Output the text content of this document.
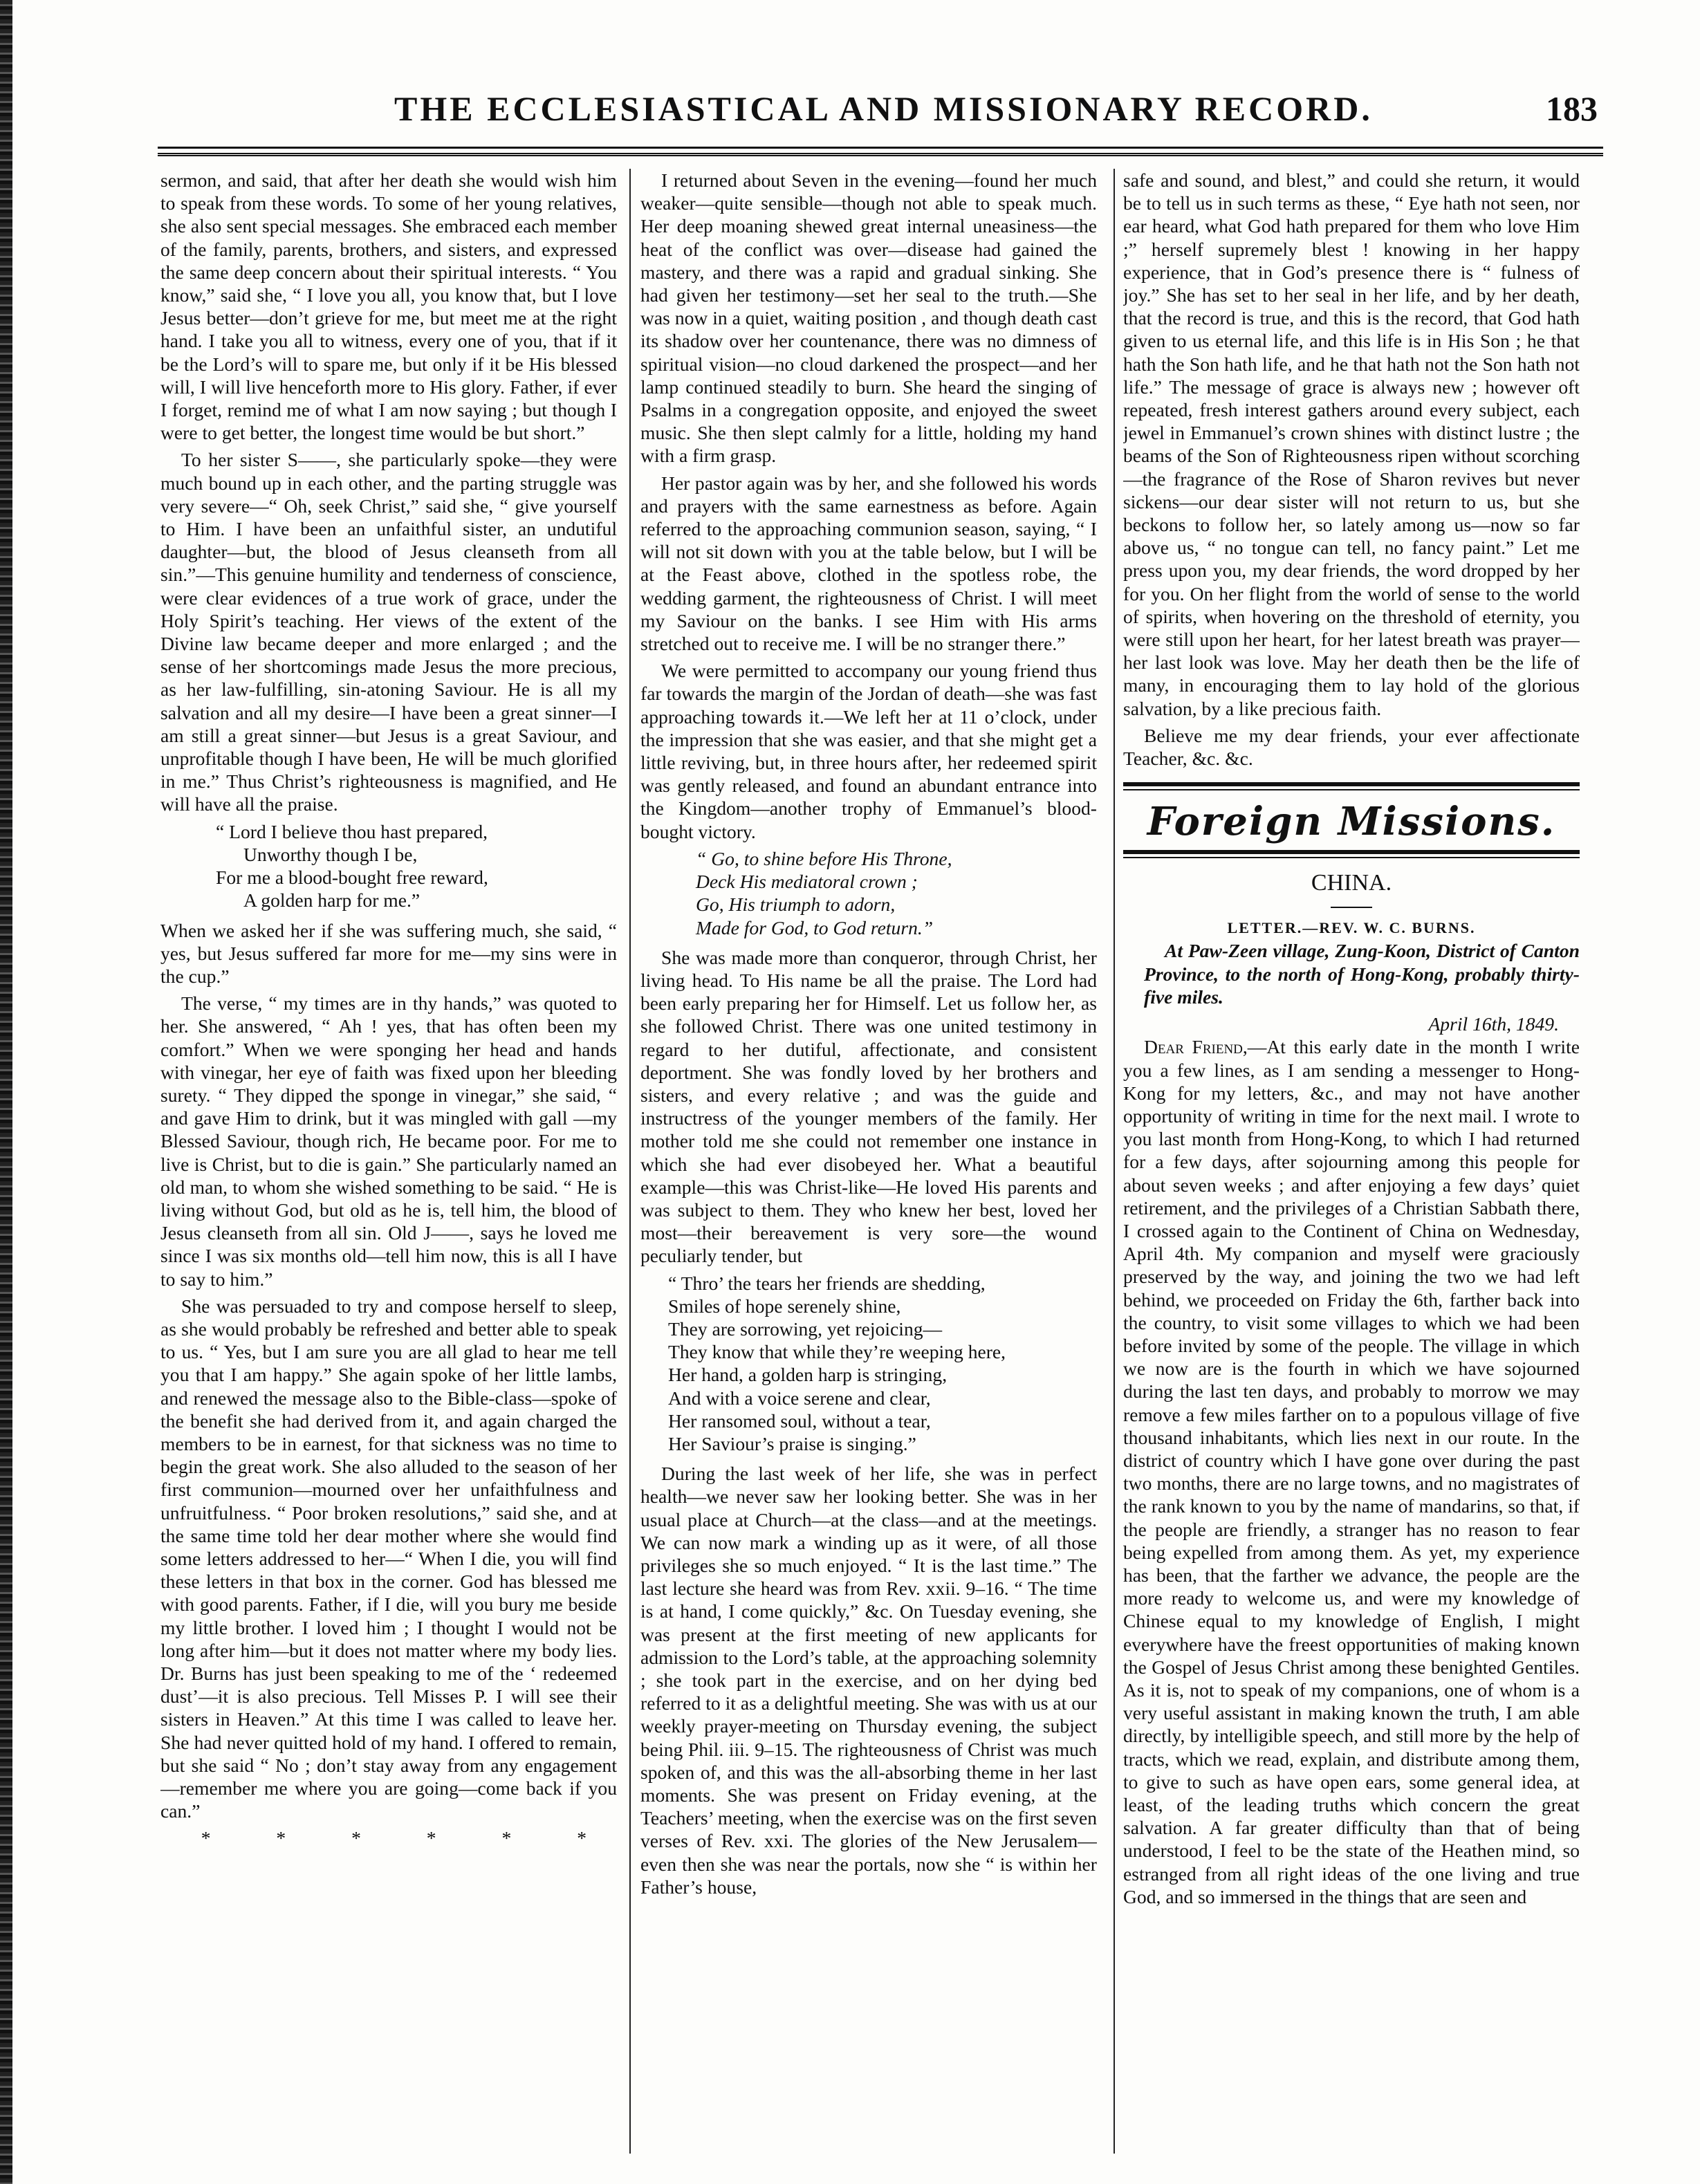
THE ECCLESIASTICAL AND MISSIONARY RECORD.	183

sermon, and said, that after her death she would wish him to speak from these words. To some of her young relatives, she also sent special messages. She embraced each member of the family, parents, brothers, and sisters, and expressed the same deep concern about their spiritual interests. “ You know,” said she, “ I love you all, you know that, but I love Jesus better—don’t grieve for me, but meet me at the right hand. I take you all to witness, every one of you, that if it be the Lord’s will to spare me, but only if it be His blessed will, I will live henceforth more to His glory. Father, if ever I forget, remind me of what I am now saying ; but though I were to get better, the longest time would be but short.”

To her sister S——, she particularly spoke—they were much bound up in each other, and the parting struggle was very severe—“ Oh, seek Christ,” said she, “ give yourself to Him. I have been an unfaithful sister, an undutiful daughter—but, the blood of Jesus cleanseth from all sin.”—This genuine humility and tenderness of conscience, were clear evidences of a true work of grace, under the Holy Spirit’s teaching. Her views of the extent of the Divine law became deeper and more enlarged ; and the sense of her shortcomings made Jesus the more precious, as her law-fulfilling, sin-atoning Saviour. He is all my salvation and all my desire—I have been a great sinner—I am still a great sinner—but Jesus is a great Saviour, and unprofitable though I have been, He will be much glorified in me.” Thus Christ’s righteousness is magnified, and He will have all the praise.

“ Lord I believe thou hast prepared,
Unworthy though I be,
For me a blood-bought free reward,
A golden harp for me.”

When we asked her if she was suffering much, she said, “ yes, but Jesus suffered far more for me—my sins were in the cup.”

The verse, “ my times are in thy hands,” was quoted to her. She answered, “ Ah ! yes, that has often been my comfort.” When we were sponging her head and hands with vinegar, her eye of faith was fixed upon her bleeding surety. “ They dipped the sponge in vinegar,” she said, “ and gave Him to drink, but it was mingled with gall —my Blessed Saviour, though rich, He became poor. For me to live is Christ, but to die is gain.” She particularly named an old man, to whom she wished something to be said. “ He is living without God, but old as he is, tell him, the blood of Jesus cleanseth from all sin. Old J——, says he loved me since I was six months old—tell him now, this is all I have to say to him.”

She was persuaded to try and compose herself to sleep, as she would probably be refreshed and better able to speak to us. “ Yes, but I am sure you are all glad to hear me tell you that I am happy.” She again spoke of her little lambs, and renewed the message also to the Bible-class—spoke of the benefit she had derived from it, and again charged the members to be in earnest, for that sickness was no time to begin the great work. She also alluded to the season of her first communion—mourned over her unfaithfulness and unfruitfulness. “ Poor broken resolutions,” said she, and at the same time told her dear mother where she would find some letters addressed to her—“ When I die, you will find these letters in that box in the corner. God has blessed me with good parents. Father, if I die, will you bury me beside my little brother. I loved him ; I thought I would not be long after him—but it does not matter where my body lies. Dr. Burns has just been speaking to me of the ‘ redeemed dust’—it is also precious. Tell Misses P. I will see their sisters in Heaven.” At this time I was called to leave her. She had never quitted hold of my hand. I offered to remain, but she said “ No ; don’t stay away from any engagement—remember me where you are going—come back if you can.”

* * * * * *

I returned about Seven in the evening—found her much weaker—quite sensible—though not able to speak much. Her deep moaning shewed great internal uneasiness—the heat of the conflict was over—disease had gained the mastery, and there was a rapid and gradual sinking. She had given her testimony—set her seal to the truth.—She was now in a quiet, waiting position , and though death cast its shadow over her countenance, there was no dimness of spiritual vision—no cloud darkened the prospect—and her lamp continued steadily to burn. She heard the singing of Psalms in a congregation opposite, and enjoyed the sweet music. She then slept calmly for a little, holding my hand with a firm grasp.

Her pastor again was by her, and she followed his words and prayers with the same earnestness as before. Again referred to the approaching communion season, saying, “ I will not sit down with you at the table below, but I will be at the Feast above, clothed in the spotless robe, the wedding garment, the righteousness of Christ. I will meet my Saviour on the banks. I see Him with His arms stretched out to receive me. I will be no stranger there.”

We were permitted to accompany our young friend thus far towards the margin of the Jordan of death—she was fast approaching towards it.—We left her at 11 o’clock, under the impression that she was easier, and that she might get a little reviving, but, in three hours after, her redeemed spirit was gently released, and found an abundant entrance into the Kingdom—another trophy of Emmanuel’s blood-bought victory.

“ Go, to shine before His Throne,
Deck His mediatoral crown ;
Go, His triumph to adorn,
Made for God, to God return.”

She was made more than conqueror, through Christ, her living head. To His name be all the praise. The Lord had been early preparing her for Himself. Let us follow her, as she followed Christ. There was one united testimony in regard to her dutiful, affectionate, and consistent deportment. She was fondly loved by her brothers and sisters, and every relative ; and was the guide and instructress of the younger members of the family. Her mother told me she could not remember one instance in which she had ever disobeyed her. What a beautiful example—this was Christ-like—He loved His parents and was subject to them. They who knew her best, loved her most—their bereavement is very sore—the wound peculiarly tender, but

“ Thro’ the tears her friends are shedding,
Smiles of hope serenely shine,
They are sorrowing, yet rejoicing—
They know that while they’re weeping here,
Her hand, a golden harp is stringing,
And with a voice serene and clear,
Her ransomed soul, without a tear,
Her Saviour’s praise is singing.”

During the last week of her life, she was in perfect health—we never saw her looking better. She was in her usual place at Church—at the class—and at the meetings. We can now mark a winding up as it were, of all those privileges she so much enjoyed. “ It is the last time.” The last lecture she heard was from Rev. xxii. 9–16. “ The time is at hand, I come quickly,” &c. On Tuesday evening, she was present at the first meeting of new applicants for admission to the Lord’s table, at the approaching solemnity ; she took part in the exercise, and on her dying bed referred to it as a delightful meeting. She was with us at our weekly prayer-meeting on Thursday evening, the subject being Phil. iii. 9–15. The righteousness of Christ was much spoken of, and this was the all-absorbing theme in her last moments. She was present on Friday evening, at the Teachers’ meeting, when the exercise was on the first seven verses of Rev. xxi. The glories of the New Jerusalem—even then she was near the portals, now she “ is within her Father’s house,

safe and sound, and blest,” and could she return, it would be to tell us in such terms as these, “ Eye hath not seen, nor ear heard, what God hath prepared for them who love Him ;” herself supremely blest ! knowing in her happy experience, that in God’s presence there is “ fulness of joy.” She has set to her seal in her life, and by her death, that the record is true, and this is the record, that God hath given to us eternal life, and this life is in His Son ; he that hath the Son hath life, and he that hath not the Son hath not life.” The message of grace is always new ; however oft repeated, fresh interest gathers around every subject, each jewel in Emmanuel’s crown shines with distinct lustre ; the beams of the Son of Righteousness ripen without scorching—the fragrance of the Rose of Sharon revives but never sickens—our dear sister will not return to us, but she beckons to follow her, so lately among us—now so far above us, “ no tongue can tell, no fancy paint.” Let me press upon you, my dear friends, the word dropped by her for you. On her flight from the world of sense to the world of spirits, when hovering on the threshold of eternity, you were still upon her heart, for her latest breath was prayer—her last look was love. May her death then be the life of many, in encouraging them to lay hold of the glorious salvation, by a like precious faith.

Believe me my dear friends, your ever affectionate Teacher, &c. &c.

Foreign Missions.
CHINA.
LETTER.—REV. W. C. BURNS.

At Paw-Zeen village, Zung-Koon, District of Canton Province, to the north of Hong-Kong, probably thirty-five miles.

April 16th, 1849.

Dear Friend,—At this early date in the month I write you a few lines, as I am sending a messenger to Hong-Kong for my letters, &c., and may not have another opportunity of writing in time for the next mail. I wrote to you last month from Hong-Kong, to which I had returned for a few days, after sojourning among this people for about seven weeks ; and after enjoying a few days’ quiet retirement, and the privileges of a Christian Sabbath there, I crossed again to the Continent of China on Wednesday, April 4th. My companion and myself were graciously preserved by the way, and joining the two we had left behind, we proceeded on Friday the 6th, farther back into the country, to visit some villages to which we had been before invited by some of the people. The village in which we now are is the fourth in which we have sojourned during the last ten days, and probably to morrow we may remove a few miles farther on to a populous village of five thousand inhabitants, which lies next in our route. In the district of country which I have gone over during the past two months, there are no large towns, and no magistrates of the rank known to you by the name of mandarins, so that, if the people are friendly, a stranger has no reason to fear being expelled from among them. As yet, my experience has been, that the farther we advance, the people are the more ready to welcome us, and were my knowledge of Chinese equal to my knowledge of English, I might everywhere have the freest opportunities of making known the Gospel of Jesus Christ among these benighted Gentiles. As it is, not to speak of my companions, one of whom is a very useful assistant in making known the truth, I am able directly, by intelligible speech, and still more by the help of tracts, which we read, explain, and distribute among them, to give to such as have open ears, some general idea, at least, of the leading truths which concern the great salvation. A far greater difficulty than that of being understood, I feel to be the state of the Heathen mind, so estranged from all right ideas of the one living and true God, and so immersed in the things that are seen and
